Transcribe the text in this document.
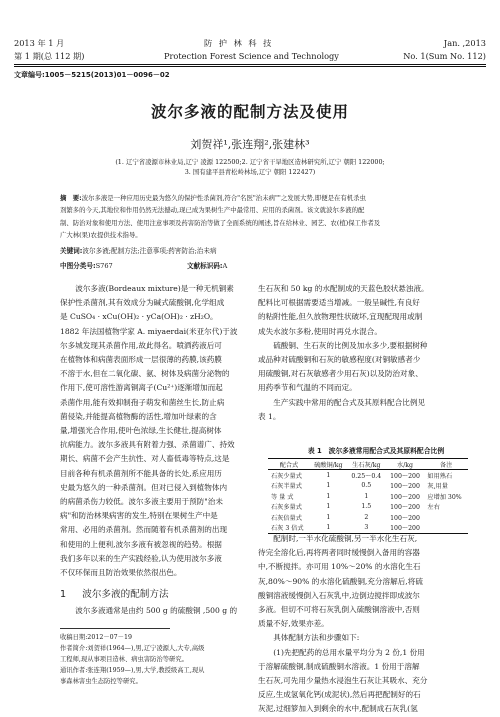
2013 年 1 月	防 护 林 科 技	Jan. ,2013
第 1 期(总 112 期)	Protection Forest Science and Technology	No. 1(Sum No. 112)
文章编号:1005－5215(2013)01－0096－02
波尔多液的配制方法及使用
刘贺祥¹,张连翔²,张建林³
(1. 辽宁省凌源市林业局,辽宁 凌源 122500;2. 辽宁省干旱地区造林研究所,辽宁 朝阳 122000;
3. 国有建平县青松岭林场,辽宁 朝阳 122427)
摘　要:波尔多液是一种应用历史最为悠久的保护性杀菌剂,符合"名医"治未病""之发展大势,即便是在有机杀虫
剂繁多的今天,其地位和作用仍然无法撼动,现已成为果树生产中最常用、应用的杀菌剂。该文就波尔多液的配
制、防治对象和使用方法、使用注意事项及药害防治等做了全面系统的阐述,旨在给林业、园艺、农(植)保工作者及
广大林(果)农提供技术指导。
关键词:波尔多液;配制方法;注意事项;药害防治;治未病
中图分类号:S767	文献标识码:A
波尔多液(Bordeaux mixture)是一种无机铜素
保护性杀菌剂,其有效成分为碱式硫酸铜,化学组成
是 CuSO₄ · xCu(OH)₂ · yCa(OH)₂ · zH₂O。
1882 年法国植物学家 A. miyaerdai(米亚尔代)于波
尔多城发现其杀菌作用,故此得名。喷洒药液后可
在植物体和病菌表面形成一层很薄的药膜,该药膜
不溶于水,但在二氧化碳、氨、树体及病菌分泌物的
作用下,使可溶性游离铜离子(Cu²⁺)逐渐增加而起
杀菌作用,能有效抑制孢子萌发和菌丝生长,防止病
菌侵染,并能提高植物酶的活性,增加叶绿素的含
量,增强光合作用,使叶色浓绿,生长健壮,提高树体
抗病能力。波尔多液具有附着力强、杀菌谱广、持效
期长、病菌不会产生抗性、对人畜低毒等特点,这是
目前各种有机杀菌剂所不能具备的长处,系应用历
史最为悠久的一种杀菌剂。但对已侵入到植物体内
的病菌杀伤力较低。波尔多液主要用于预防"治未
病"和防治林果病害的发生,特别在果树生产中是
常用、必用的杀菌剂。然而随着有机杀菌剂的出现
和使用的上便利,波尔多液有被忽视的趋势。根据
我们多年以来的生产实践经验,认为使用波尔多液
不仅环保而且防治效果依然很出色。
1 波尔多液的配制方法
波尔多液通常是由约 500 g 的硫酸铜 ,500 g 的
收稿日期:2012－07－19
作者简介:刘贺祥(1964—),男,辽宁凌源人,大专,高级
工程师,现从事项目造林、病虫害防治等研究。
通讯作者:张连翔(1959—),男,大学,教授级高工,现从
事森林害虫生态防控等研究。
生石灰和 50 kg 的水配制成的天蓝色胶状悬浊液。
配料比可根据需要适当增减。一般呈碱性,有良好
的粘附性能,但久放物理性状破坏,宜现配现用或制
成失水波尔多粉,使用时再兑水混合。
硫酸铜、生石灰的比例及加水多少,要根据树种
或品种对硫酸铜和石灰的敏感程度(对铜敏感者少
用硫酸铜,对石灰敏感者少用石灰)以及防治对象、
用药季节和气温的不同而定。
生产实践中常用的配合式及其原料配合比例见
表 1。
表 1　波尔多液常用配合式及其原料配合比例
配合式	硫酸铜/kg	生石灰/kg	水/kg	备注
石灰少量式	1	0.25～0.4	100～200	如用熟石
石灰半量式	1	0.5	100～200	灰,用量
等 量 式	1	1	100～200	应增加 30%
石灰多量式	1	1.5	100～200	左右
石灰倍量式	1	2	100～200	
石灰 3 倍式	1	3	100～200	
配制时,一半水化硫酸铜,另一半水化生石灰,
待完全溶化后,再将两者同时缓慢倒入备用的容器
中,不断搅拌。亦可用 10%～20% 的水溶化生石
灰,80%～90% 的水溶化硫酸铜,充分溶解后,将硫
酸铜溶液缓慢倒入石灰乳中,边倒边搅拌即成波尔
多液。但切不可将石灰乳倒入硫酸铜溶液中,否则
质量不好,效果亦差。
具体配制方法和步骤如下:
(1)先把配药的总用水量平均分为 2 份,1 份用
于溶解硫酸铜,制成硫酸铜水溶液。1 份用于溶解
生石灰,可先用少量热水浸泡生石灰让其吸水、充分
反应,生成氢氧化钙(成泥状),然后再把配制好的石
灰泥,过细箩加入到剩余的水中,配制成石灰乳(氢
